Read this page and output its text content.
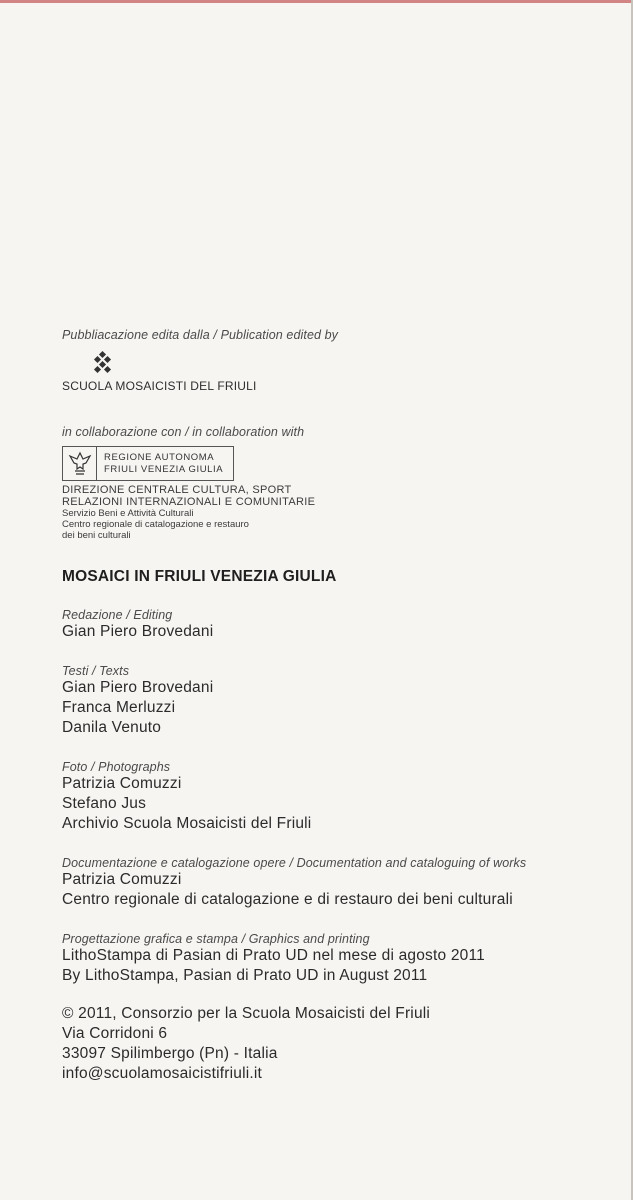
Pubbliacazione edita dalla / Publication edited by

SCUOLA MOSAICISTI DEL FRIULI

in collaborazione con / in collaboration with

REGIONE AUTONOMA
FRIULI VENEZIA GIULIA

DIREZIONE CENTRALE CULTURA, SPORT

RELAZIONI INTERNAZIONALI E COMUNITARIE

Servizio Beni e Attività Culturali

Centro regionale di catalogazione e restauro

dei beni culturali

MOSAICI IN FRIULI VENEZIA GIULIA

Redazione / Editing

Gian Piero Brovedani

Testi / Texts

Gian Piero Brovedani

Franca Merluzzi

Danila Venuto

Foto / Photographs

Patrizia Comuzzi

Stefano Jus

Archivio Scuola Mosaicisti del Friuli

Documentazione e catalogazione opere / Documentation and cataloguing of works

Patrizia Comuzzi

Centro regionale di catalogazione e di restauro dei beni culturali

Progettazione grafica e stampa / Graphics and printing

LithoStampa di Pasian di Prato UD nel mese di agosto 2011

By LithoStampa, Pasian di Prato UD in August 2011

© 2011, Consorzio per la Scuola Mosaicisti del Friuli

Via Corridoni 6

33097 Spilimbergo (Pn) - Italia

info@scuolamosaicistifriuli.it
